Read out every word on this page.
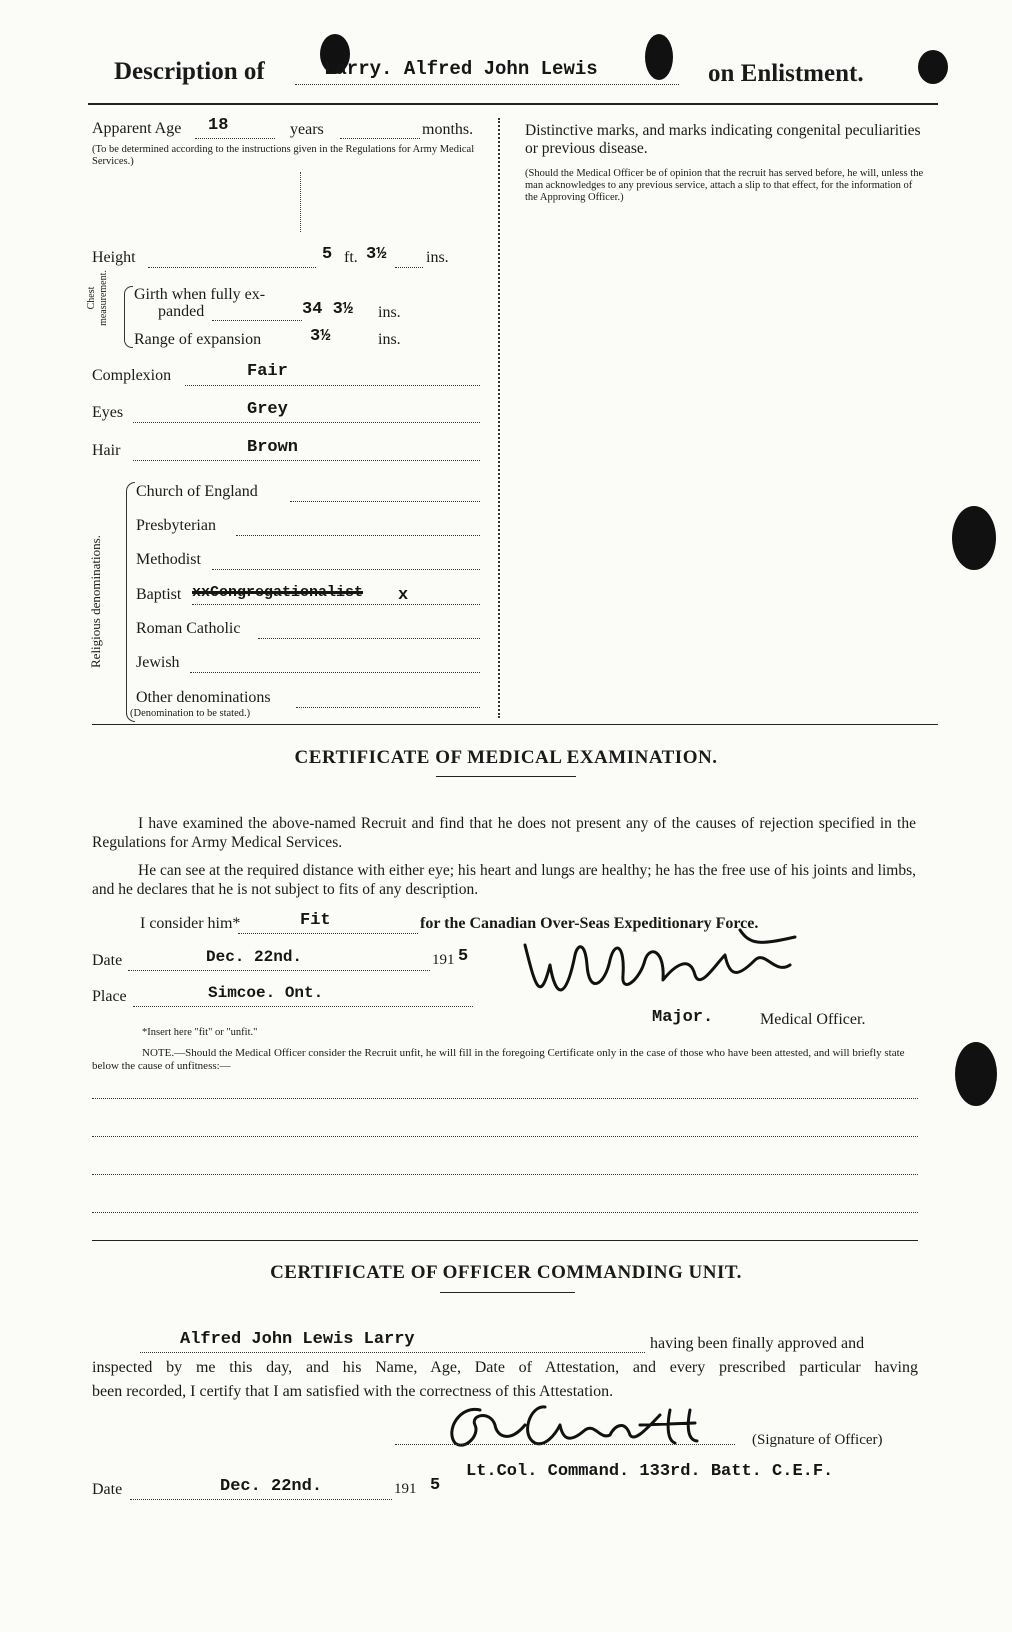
Description of	Larry. Alfred John Lewis	on Enlistment.
Apparent Age 18	years	months.
(To be determined according to the instructions given in the Regulations for Army Medical Services.)
Height	5 ft. 3½ ins.
Chest measurement. Girth when fully ex-
panded	34 3½ ins.
Range of expansion	3½	ins.
Complexion	Fair
Eyes	Grey
Hair	Brown
Religious denominations.
Church of England
Presbyterian
Methodist
Baptist xxCongregationalist x
Roman Catholic
Jewish
Other denominations
(Denomination to be stated.)
Distinctive marks, and marks indicating congenital peculiarities or previous disease.
(Should the Medical Officer be of opinion that the recruit has served before, he will, unless the man acknowledges to any previous service, attach a slip to that effect, for the information of the Approving Officer.)
CERTIFICATE OF MEDICAL EXAMINATION.
I have examined the above-named Recruit and find that he does not present any of the causes of rejection specified in the Regulations for Army Medical Services.
He can see at the required distance with either eye; his heart and lungs are healthy; he has the free use of his joints and limbs, and he declares that he is not subject to fits of any description.
I consider him*	Fit	for the Canadian Over-Seas Expeditionary Force.
Date	Dec. 22nd.	191 5
Place	Simcoe. Ont.
Major.	Medical Officer.
*Insert here "fit" or "unfit."
NOTE.—Should the Medical Officer consider the Recruit unfit, he will fill in the foregoing Certificate only in the case of those who have been attested, and will briefly state below the cause of unfitness:—
CERTIFICATE OF OFFICER COMMANDING UNIT.
Alfred John Lewis Larry	having been finally approved and
inspected by me this day, and his Name, Age, Date of Attestation, and every prescribed particular having
been recorded, I certify that I am satisfied with the correctness of this Attestation.
(Signature of Officer)
Lt.Col. Command. 133rd. Batt. C.E.F.
Date	Dec. 22nd.	191 5
